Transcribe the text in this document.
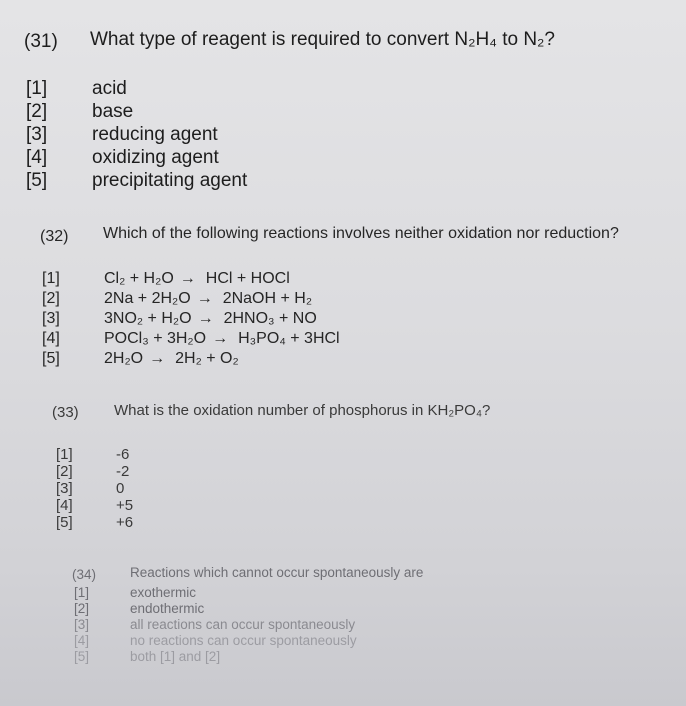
(31) What type of reagent is required to convert N₂H₄ to N₂?
[1] acid
[2] base
[3] reducing agent
[4] oxidizing agent
[5] precipitating agent
(32) Which of the following reactions involves neither oxidation nor reduction?
[1]	Cl₂ + H₂O → HCl + HOCl
[2]	2Na + 2H₂O → 2NaOH + H₂
[3]	3NO₂ + H₂O → 2HNO₃ + NO
[4]	POCl₃ + 3H₂O → H₃PO₄ + 3HCl
[5]	2H₂O → 2H₂ + O₂
(33) What is the oxidation number of phosphorus in KH₂PO₄?
[1]	-6
[2]	-2
[3]	0
[4]	+5
[5]	+6
(34)	Reactions which cannot occur spontaneously are
[1]	exothermic
[2]	endothermic
[3]	all reactions can occur spontaneously
[4]	no reactions can occur spontaneously
[5]	both [1] and [2]
